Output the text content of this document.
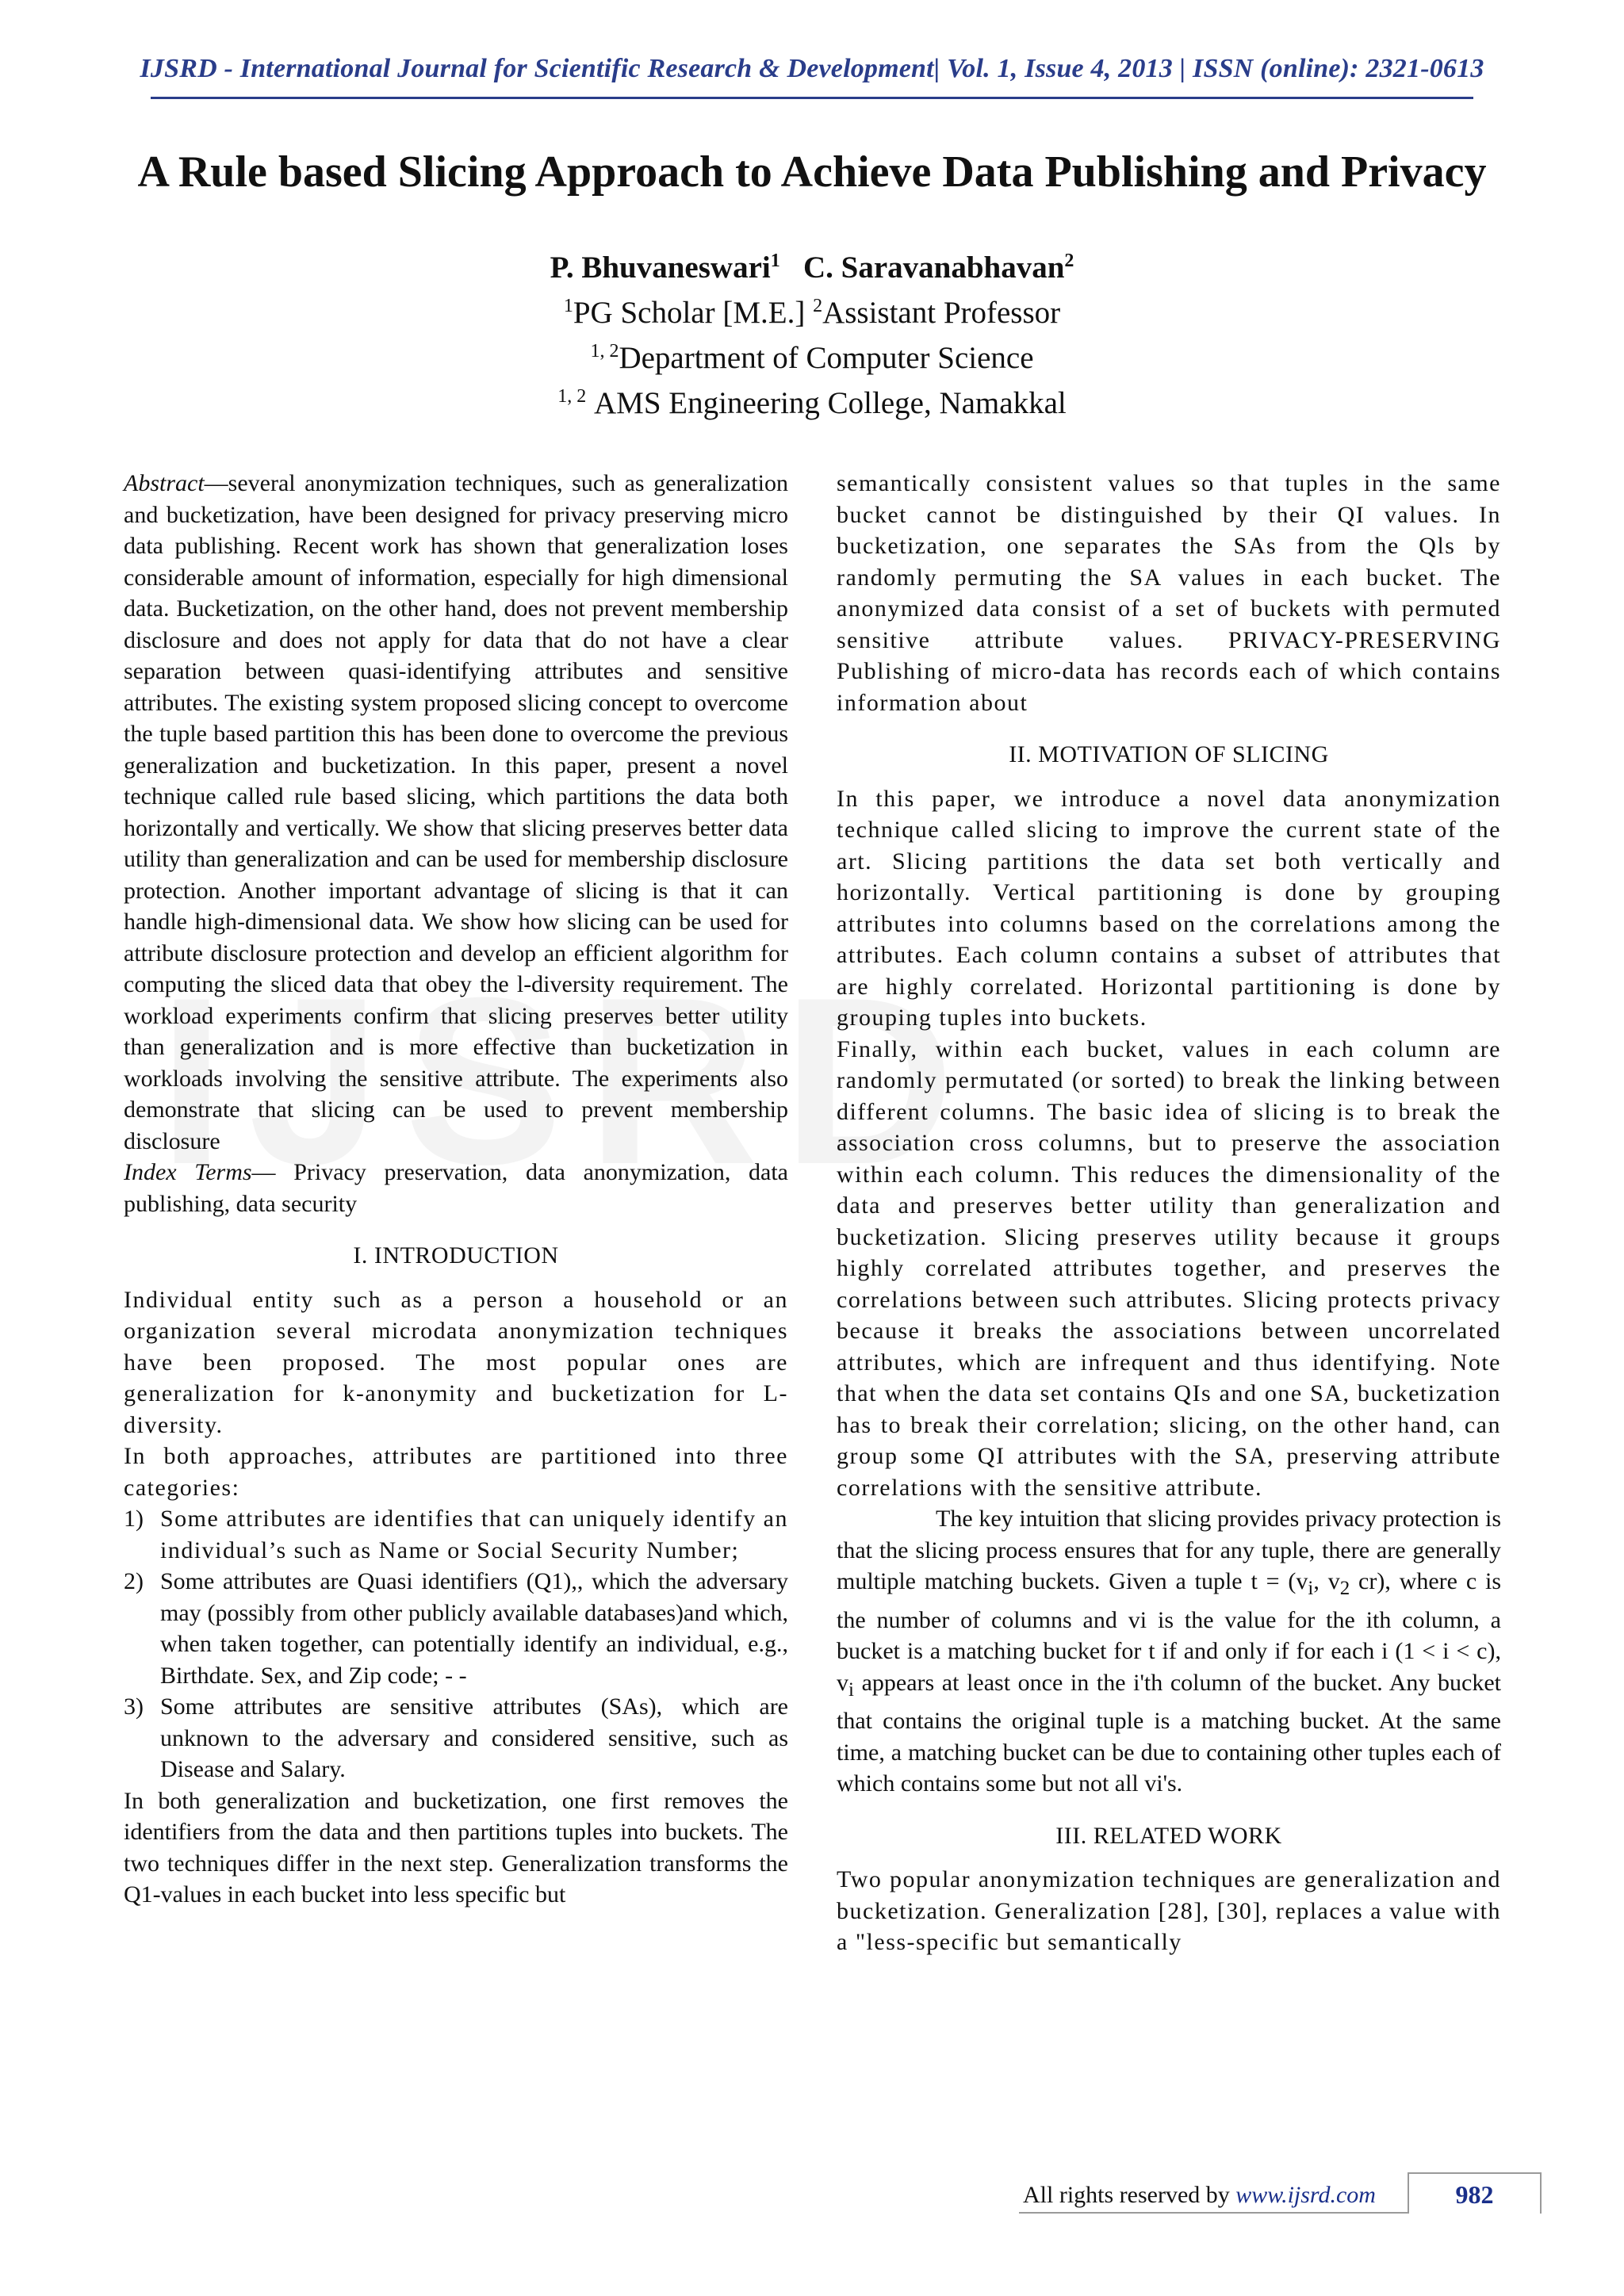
IJSRD - International Journal for Scientific Research & Development| Vol. 1, Issue 4, 2013 | ISSN (online): 2321-0613
A Rule based Slicing Approach to Achieve Data Publishing and Privacy
P. Bhuvaneswari$^1$ C. Saravanabhavan$^2$
$^1$PG Scholar [M.E.] $^2$Assistant Professor
$^{1, 2}$Department of Computer Science
$^{1, 2}$ AMS Engineering College, Namakkal

Abstract—several anonymization techniques, such as generalization and bucketization, have been designed for privacy preserving micro data publishing. Recent work has shown that generalization loses considerable amount of information, especially for high dimensional data. Bucketization, on the other hand, does not prevent membership disclosure and does not apply for data that do not have a clear separation between quasi-identifying attributes and sensitive attributes. The existing system proposed slicing concept to overcome the tuple based partition this has been done to overcome the previous generalization and bucketization. In this paper, present a novel technique called rule based slicing, which partitions the data both horizontally and vertically. We show that slicing preserves better data utility than generalization and can be used for membership disclosure protection. Another important advantage of slicing is that it can handle high-dimensional data. We show how slicing can be used for attribute disclosure protection and develop an efficient algorithm for computing the sliced data that obey the l-diversity requirement. The workload experiments confirm that slicing preserves better utility than generalization and is more effective than bucketization in workloads involving the sensitive attribute. The experiments also demonstrate that slicing can be used to prevent membership disclosure

Index Terms— Privacy preservation, data anonymization, data publishing, data security

I. INTRODUCTION

Individual entity such as a person a household or an organization several microdata anonymization techniques have been proposed. The most popular ones are generalization for k-anonymity and bucketization for L-diversity.

In both approaches, attributes are partitioned into three categories:

1) Some attributes are identifies that can uniquely identify an individual’s such as Name or Social Security Number;
2) Some attributes are Quasi identifiers (Q1),, which the adversary may (possibly from other publicly available databases)and which, when taken together, can potentially identify an individual, e.g., Birthdate. Sex, and Zip code; - -
3) Some attributes are sensitive attributes (SAs), which are unknown to the adversary and considered sensitive, such as Disease and Salary.

In both generalization and bucketization, one first removes the identifiers from the data and then partitions tuples into buckets. The two techniques differ in the next step. Generalization transforms the Q1-values in each bucket into less specific but

semantically consistent values so that tuples in the same bucket cannot be distinguished by their QI values. In bucketization, one separates the SAs from the Qls by randomly permuting the SA values in each bucket. The anonymized data consist of a set of buckets with permuted sensitive attribute values. PRIVACY-PRESERVING Publishing of micro-data has records each of which contains information about

II. MOTIVATION OF SLICING

In this paper, we introduce a novel data anonymization technique called slicing to improve the current state of the art. Slicing partitions the data set both vertically and horizontally. Vertical partitioning is done by grouping attributes into columns based on the correlations among the attributes. Each column contains a subset of attributes that are highly correlated. Horizontal partitioning is done by grouping tuples into buckets.

Finally, within each bucket, values in each column are randomly permutated (or sorted) to break the linking between different columns. The basic idea of slicing is to break the association cross columns, but to preserve the association within each column. This reduces the dimensionality of the data and preserves better utility than generalization and bucketization. Slicing preserves utility because it groups highly correlated attributes together, and preserves the correlations between such attributes. Slicing protects privacy because it breaks the associations between uncorrelated attributes, which are infrequent and thus identifying. Note that when the data set contains QIs and one SA, bucketization has to break their correlation; slicing, on the other hand, can group some QI attributes with the SA, preserving attribute correlations with the sensitive attribute.

The key intuition that slicing provides privacy protection is that the slicing process ensures that for any tuple, there are generally multiple matching buckets. Given a tuple $t = (v_i$, $v_2$ cr), where c is the number of columns and vi is the value for the ith column, a bucket is a matching bucket for t if and only if for each i (1 < i < c), $v_i$ appears at least once in the i'th column of the bucket. Any bucket that contains the original tuple is a matching bucket. At the same time, a matching bucket can be due to containing other tuples each of which contains some but not all vi's.

III. RELATED WORK

Two popular anonymization techniques are generalization and bucketization. Generalization [28], [30], replaces a value with a "less-specific but semantically

All rights reserved by www.ijsrd.com	982
